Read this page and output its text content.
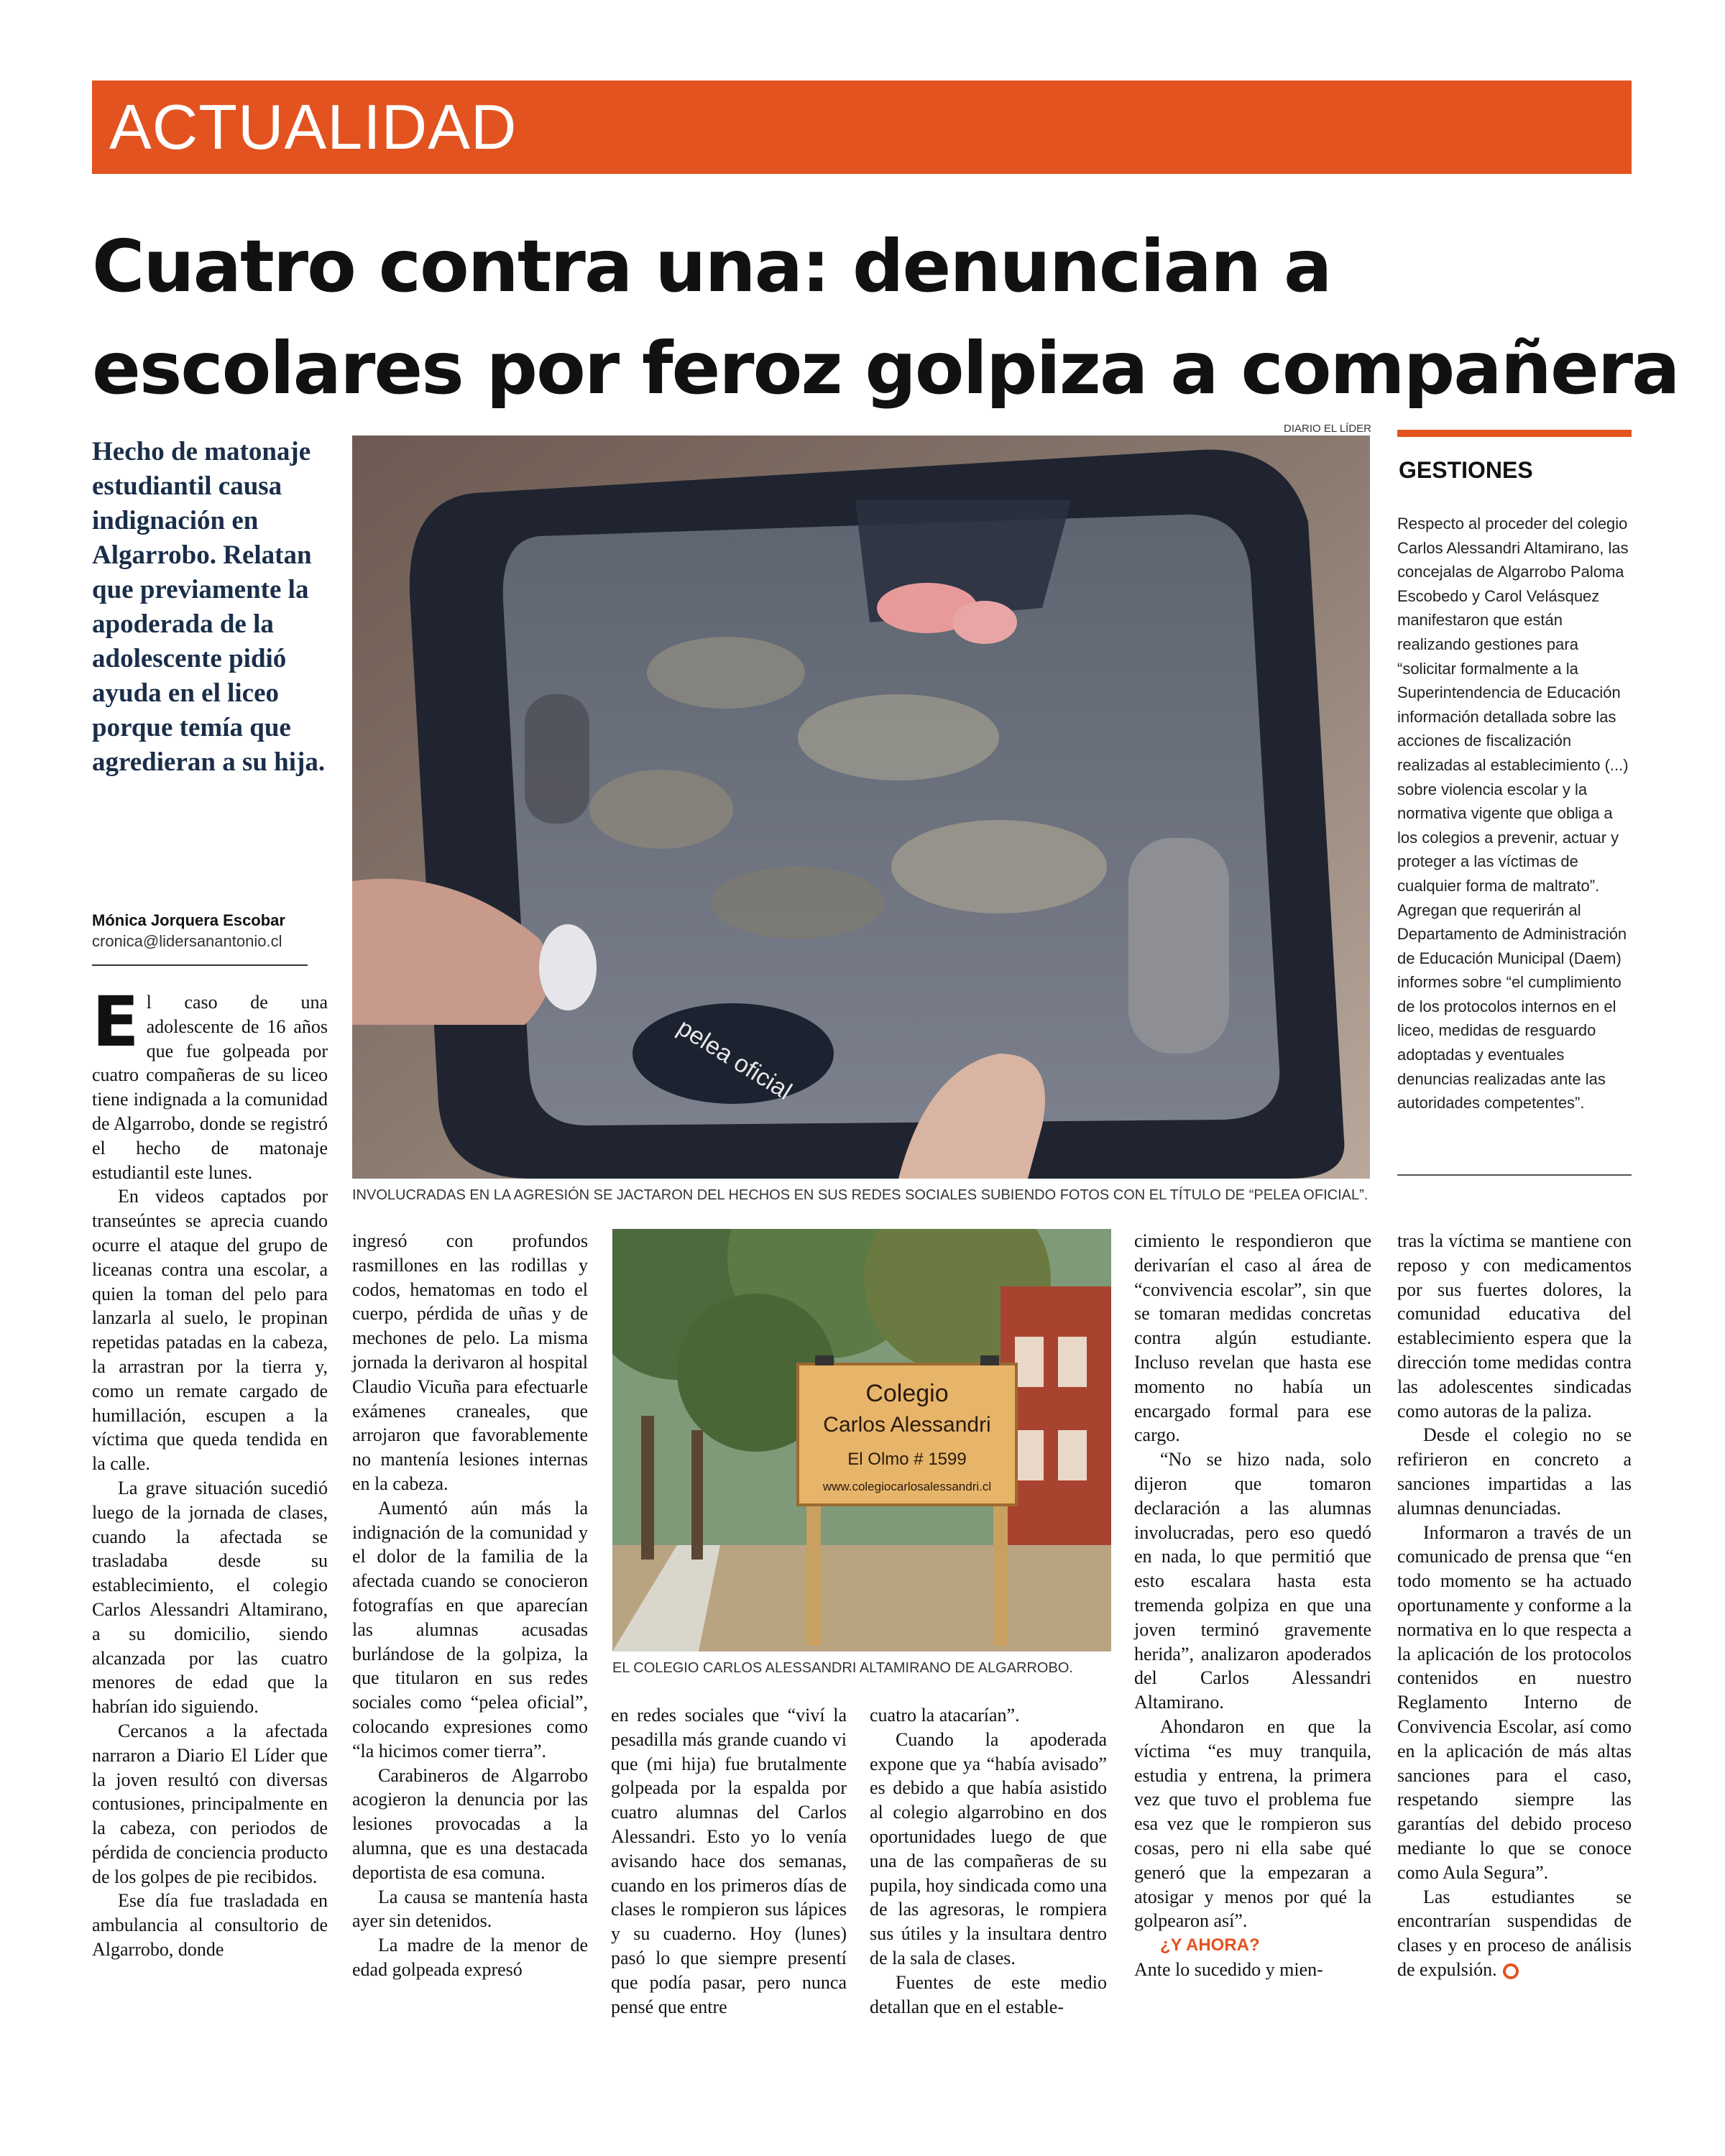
ACTUALIDAD
Cuatro contra una: denuncian a
escolares por feroz golpiza a compañera
DIARIO EL LÍDER
Hecho de matonaje estudiantil causa indignación en Algarrobo. Relatan que previamente la apoderada de la adolescente pidió ayuda en el liceo porque temía que agredieran a su hija.
Mónica Jorquera Escobar
cronica@lidersanantonio.cl
pelea oficial
INVOLUCRADAS EN LA AGRESIÓN SE JACTARON DEL HECHOS EN SUS REDES SOCIALES SUBIENDO FOTOS CON EL TÍTULO DE “PELEA OFICIAL”.
GESTIONES
Respecto al proceder del colegio Carlos Alessandri Altamirano, las concejalas de Algarrobo Paloma Escobedo y Carol Velásquez manifestaron que están realizando gestiones para “solicitar formalmente a la Superintendencia de Educación información detallada sobre las acciones de fiscalización realizadas al establecimiento (...) sobre violencia escolar y la normativa vigente que obliga a los colegios a prevenir, actuar y proteger a las víctimas de cualquier forma de maltrato”. Agregan que requerirán al Departamento de Administración de Educación Municipal (Daem) informes sobre “el cumplimiento de los protocolos internos en el liceo, medidas de resguardo adoptadas y eventuales denuncias realizadas ante las autoridades competentes”.

El caso de una adolescente de 16 años que fue golpeada por cuatro compañeras de su liceo tiene indignada a la comunidad de Algarrobo, donde se registró el hecho de matonaje estudiantil este lunes.

En videos captados por transeúntes se aprecia cuando ocurre el ataque del grupo de liceanas contra una escolar, a quien la toman del pelo para lanzarla al suelo, le propinan repetidas patadas en la cabeza, la arrastran por la tierra y, como un remate cargado de humillación, escupen a la víctima que queda tendida en la calle.

La grave situación sucedió luego de la jornada de clases, cuando la afectada se trasladaba desde su establecimiento, el colegio Carlos Alessandri Altamirano, a su domicilio, siendo alcanzada por las cuatro menores de edad que la habrían ido siguiendo.

Cercanos a la afectada narraron a Diario El Líder que la joven resultó con diversas contusiones, principalmente en la cabeza, con periodos de pérdida de conciencia producto de los golpes de pie recibidos.

Ese día fue trasladada en ambulancia al consultorio de Algarrobo, donde

ingresó con profundos rasmillones en las rodillas y codos, hematomas en todo el cuerpo, pérdida de uñas y de mechones de pelo. La misma jornada la derivaron al hospital Claudio Vicuña para efectuarle exámenes craneales, que arrojaron que favorablemente no mantenía lesiones internas en la cabeza.

Aumentó aún más la indignación de la comunidad y el dolor de la familia de la afectada cuando se conocieron fotografías en que aparecían las alumnas acusadas burlándose de la golpiza, la que titularon en sus redes sociales como “pelea oficial”, colocando expresiones como “la hicimos comer tierra”.

Carabineros de Algarrobo acogieron la denuncia por las lesiones provocadas a la alumna, que es una destacada deportista de esa comuna.

La causa se mantenía hasta ayer sin detenidos.

La madre de la menor de edad golpeada expresó

Colegio
Carlos Alessandri
El Olmo # 1599
www.colegiocarlosalessandri.cl
EL COLEGIO CARLOS ALESSANDRI ALTAMIRANO DE ALGARROBO.

en redes sociales que “viví la pesadilla más grande cuando vi que (mi hija) fue brutalmente golpeada por la espalda por cuatro alumnas del Carlos Alessandri. Esto yo lo venía avisando hace dos semanas, cuando en los primeros días de clases le rompieron sus lápices y su cuaderno. Hoy (lunes) pasó lo que siempre presentí que podía pasar, pero nunca pensé que entre

cuatro la atacarían”.

Cuando la apoderada expone que ya “había avisado” es debido a que había asistido al colegio algarrobino en dos oportunidades luego de que una de las compañeras de su pupila, hoy sindicada como una de las agresoras, le rompiera sus útiles y la insultara dentro de la sala de clases.

Fuentes de este medio detallan que en el estable-

cimiento le respondieron que derivarían el caso al área de “convivencia escolar”, sin que se tomaran medidas concretas contra algún estudiante. Incluso revelan que hasta ese momento no había un encargado formal para ese cargo.

“No se hizo nada, solo dijeron que tomaron declaración a las alumnas involucradas, pero eso quedó en nada, lo que permitió que esto escalara hasta esta tremenda golpiza en que una joven terminó gravemente herida”, analizaron apoderados del Carlos Alessandri Altamirano.

Ahondaron en que la víctima “es muy tranquila, estudia y entrena, la primera vez que tuvo el problema fue esa vez que le rompieron sus cosas, pero ni ella sabe qué generó que la empezaran a atosigar y menos por qué la golpearon así”.

¿Y AHORA?

Ante lo sucedido y mien-

tras la víctima se mantiene con reposo y con medicamentos por sus fuertes dolores, la comunidad educativa del establecimiento espera que la dirección tome medidas contra las adolescentes sindicadas como autoras de la paliza.

Desde el colegio no se refirieron en concreto a sanciones impartidas a las alumnas denunciadas.

Informaron a través de un comunicado de prensa que “en todo momento se ha actuado oportunamente y conforme a la normativa en lo que respecta a la aplicación de los protocolos contenidos en nuestro Reglamento Interno de Convivencia Escolar, así como en la aplicación de más altas sanciones para el caso, respetando siempre las garantías del debido proceso mediante lo que se conoce como Aula Segura”.

Las estudiantes se encontrarían suspendidas de clases y en proceso de análisis de expulsión.
